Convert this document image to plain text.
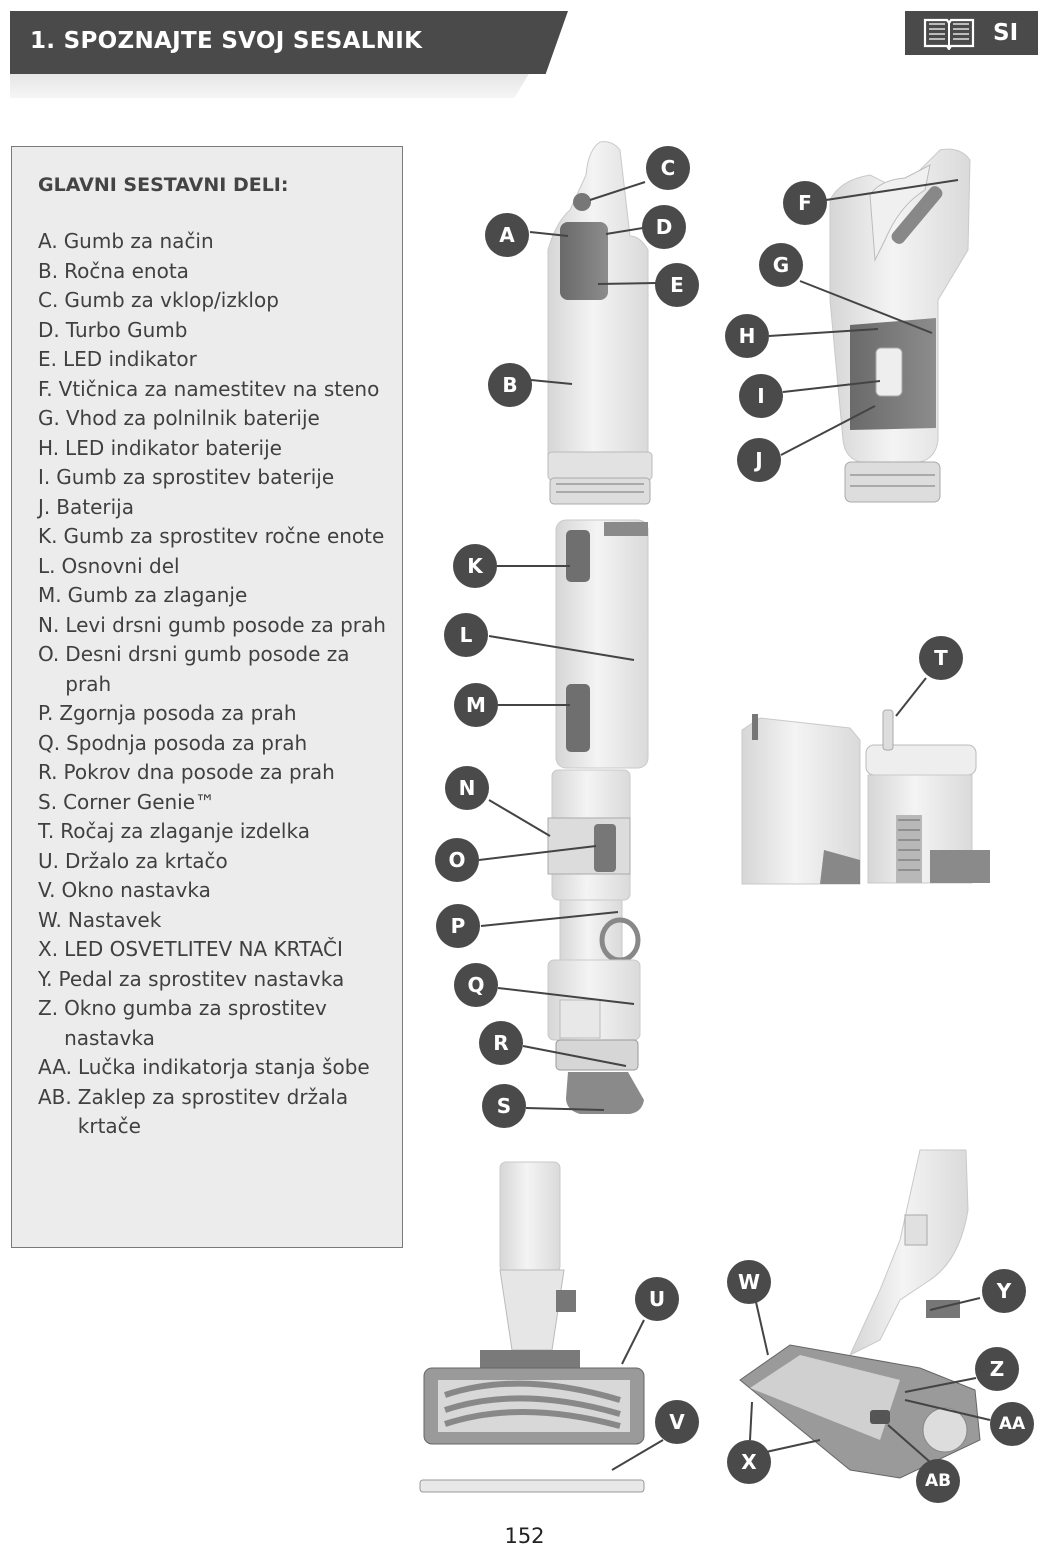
1. SPOZNAJTE SVOJ SESALNIK	SI
GLAVNI SESTAVNI DELI:
A. Gumb za način
B. Ročna enota
C. Gumb za vklop/izklop
D. Turbo Gumb
E. LED indikator
F. Vtičnica za namestitev na steno
G. Vhod za polnilnik baterije
H. LED indikator baterije
I. Gumb za sprostitev baterije
J. Baterija
K. Gumb za sprostitev ročne enote
L. Osnovni del
M. Gumb za zlaganje
N. Levi drsni gumb posode za prah
O. Desni drsni gumb posode za prah
P. Zgornja posoda za prah
Q. Spodnja posoda za prah
R. Pokrov dna posode za prah
S. Corner Genie™
T. Ročaj za zlaganje izdelka
U. Držalo za krtačo
V. Okno nastavka
W. Nastavek
X. LED OSVETLITEV NA KRTAČI
Y. Pedal za sprostitev nastavka
Z. Okno gumba za sprostitev nastavka
AA. Lučka indikatorja stanja šobe
AB. Zaklep za sprostitev držala krtače
A
B
C
D
E
F
G
H
I
J
K
L
M
N
O
P
Q
R
S
T
U
V
W
X
Y
Z
AA
AB
152
